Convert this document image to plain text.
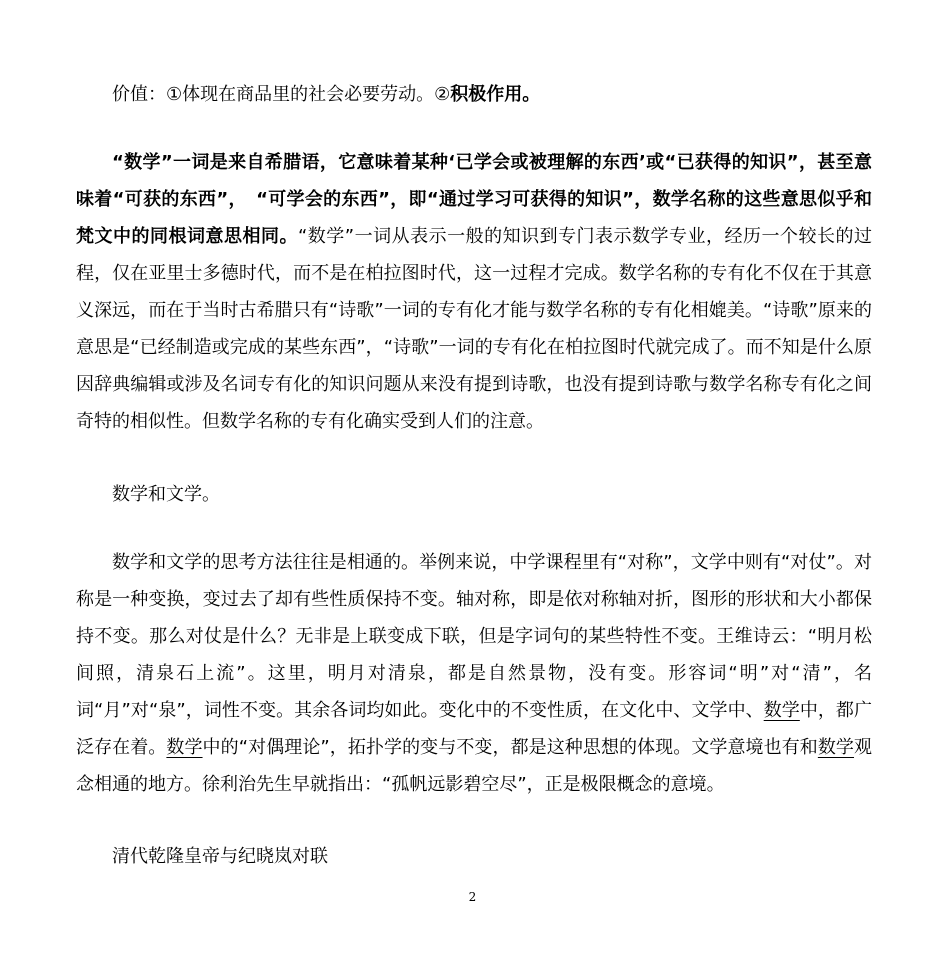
价值：①体现在商品里的社会必要劳动。②积极作用。

“数学”一词是来自希腊语，它意味着某种‘已学会或被理解的东西’或“已获得的知识”，甚至意味着“可获的东西”，　“可学会的东西”，即“通过学习可获得的知识”，数学名称的这些意思似乎和梵文中的同根词意思相同。“数学”一词从表示一般的知识到专门表示数学专业，经历一个较长的过程，仅在亚里士多德时代，而不是在柏拉图时代，这一过程才完成。数学名称的专有化不仅在于其意义深远，而在于当时古希腊只有“诗歌”一词的专有化才能与数学名称的专有化相媲美。“诗歌”原来的意思是“已经制造或完成的某些东西”，“诗歌”一词的专有化在柏拉图时代就完成了。而不知是什么原因辞典编辑或涉及名词专有化的知识问题从来没有提到诗歌，也没有提到诗歌与数学名称专有化之间奇特的相似性。但数学名称的专有化确实受到人们的注意。

数学和文学。

数学和文学的思考方法往往是相通的。举例来说，中学课程里有“对称”，文学中则有“对仗”。对称是一种变换，变过去了却有些性质保持不变。轴对称，即是依对称轴对折，图形的形状和大小都保持不变。那么对仗是什么？无非是上联变成下联，但是字词句的某些特性不变。王维诗云：“明月松间照，清泉石上流”。这里，明月对清泉，都是自然景物，没有变。形容词“明”对“清”，名词“月”对“泉”，词性不变。其余各词均如此。变化中的不变性质，在文化中、文学中、数学中，都广泛存在着。数学中的“对偶理论”，拓扑学的变与不变，都是这种思想的体现。文学意境也有和数学观念相通的地方。徐利治先生早就指出：“孤帆远影碧空尽”，正是极限概念的意境。

清代乾隆皇帝与纪晓岚对联

2
